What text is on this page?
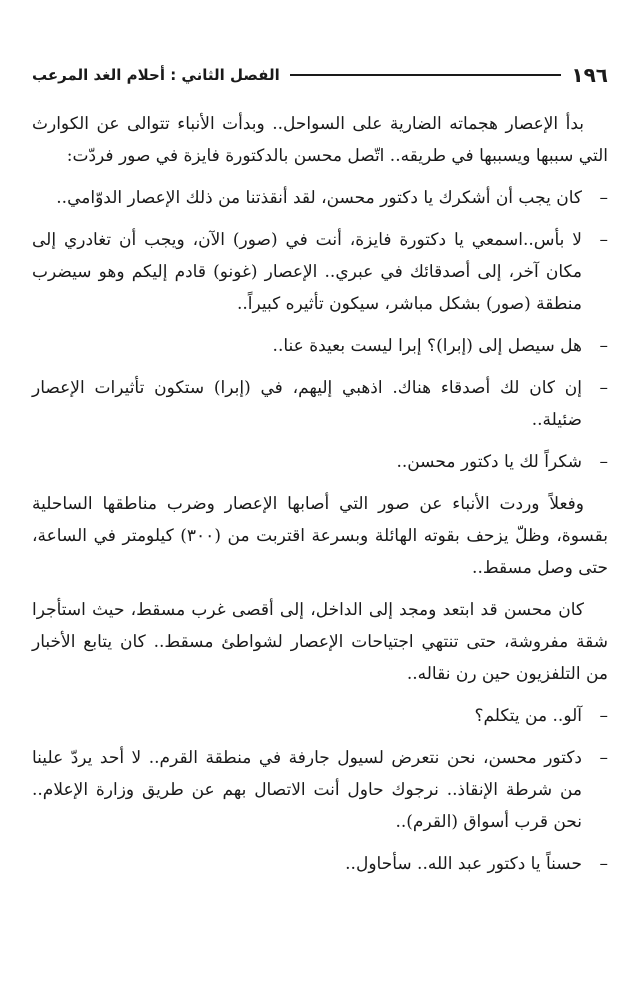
١٩٦
الفصل الثاني : أحلام الغد المرعب

بدأ الإعصار هجماته الضارية على السواحل.. وبدأت الأنباء تتوالى عن الكوارث التي سببها ويسببها في طريقه.. اتّصل محسن بالدكتورة فايزة في صور فردّت:

–
كان يجب أن أشكرك يا دكتور محسن، لقد أنقذتنا من ذلك الإعصار الدوّامي..
–
لا بأس..اسمعي يا دكتورة فايزة، أنت في (صور) الآن، ويجب أن تغادري إلى مكان آخر، إلى أصدقائك في عبري.. الإعصار (غونو) قادم إليكم وهو سيضرب منطقة (صور) بشكل مباشر، سيكون تأثيره كبيراً..
–
هل سيصل إلى (إبرا)؟ إبرا ليست بعيدة عنا..
–
إن كان لك أصدقاء هناك. اذهبي إليهم، في (إبرا) ستكون تأثيرات الإعصار ضئيلة..
–
شكراً لك يا دكتور محسن..

وفعلاً وردت الأنباء عن صور التي أصابها الإعصار وضرب مناطقها الساحلية بقسوة، وظلّ يزحف بقوته الهائلة وبسرعة اقتربت من (٣٠٠) كيلومتر في الساعة، حتى وصل مسقط..

كان محسن قد ابتعد ومجد إلى الداخل، إلى أقصى غرب مسقط، حيث استأجرا شقة مفروشة، حتى تنتهي اجتياحات الإعصار لشواطئ مسقط.. كان يتابع الأخبار من التلفزيون حين رن نقاله..

–
آلو.. من يتكلم؟
–
دكتور محسن، نحن نتعرض لسيول جارفة في منطقة القرم.. لا أحد يردّ علينا من شرطة الإنقاذ.. نرجوك حاول أنت الاتصال بهم عن طريق وزارة الإعلام.. نحن قرب أسواق (القرم)..
–
حسناً يا دكتور عبد الله.. سأحاول..
